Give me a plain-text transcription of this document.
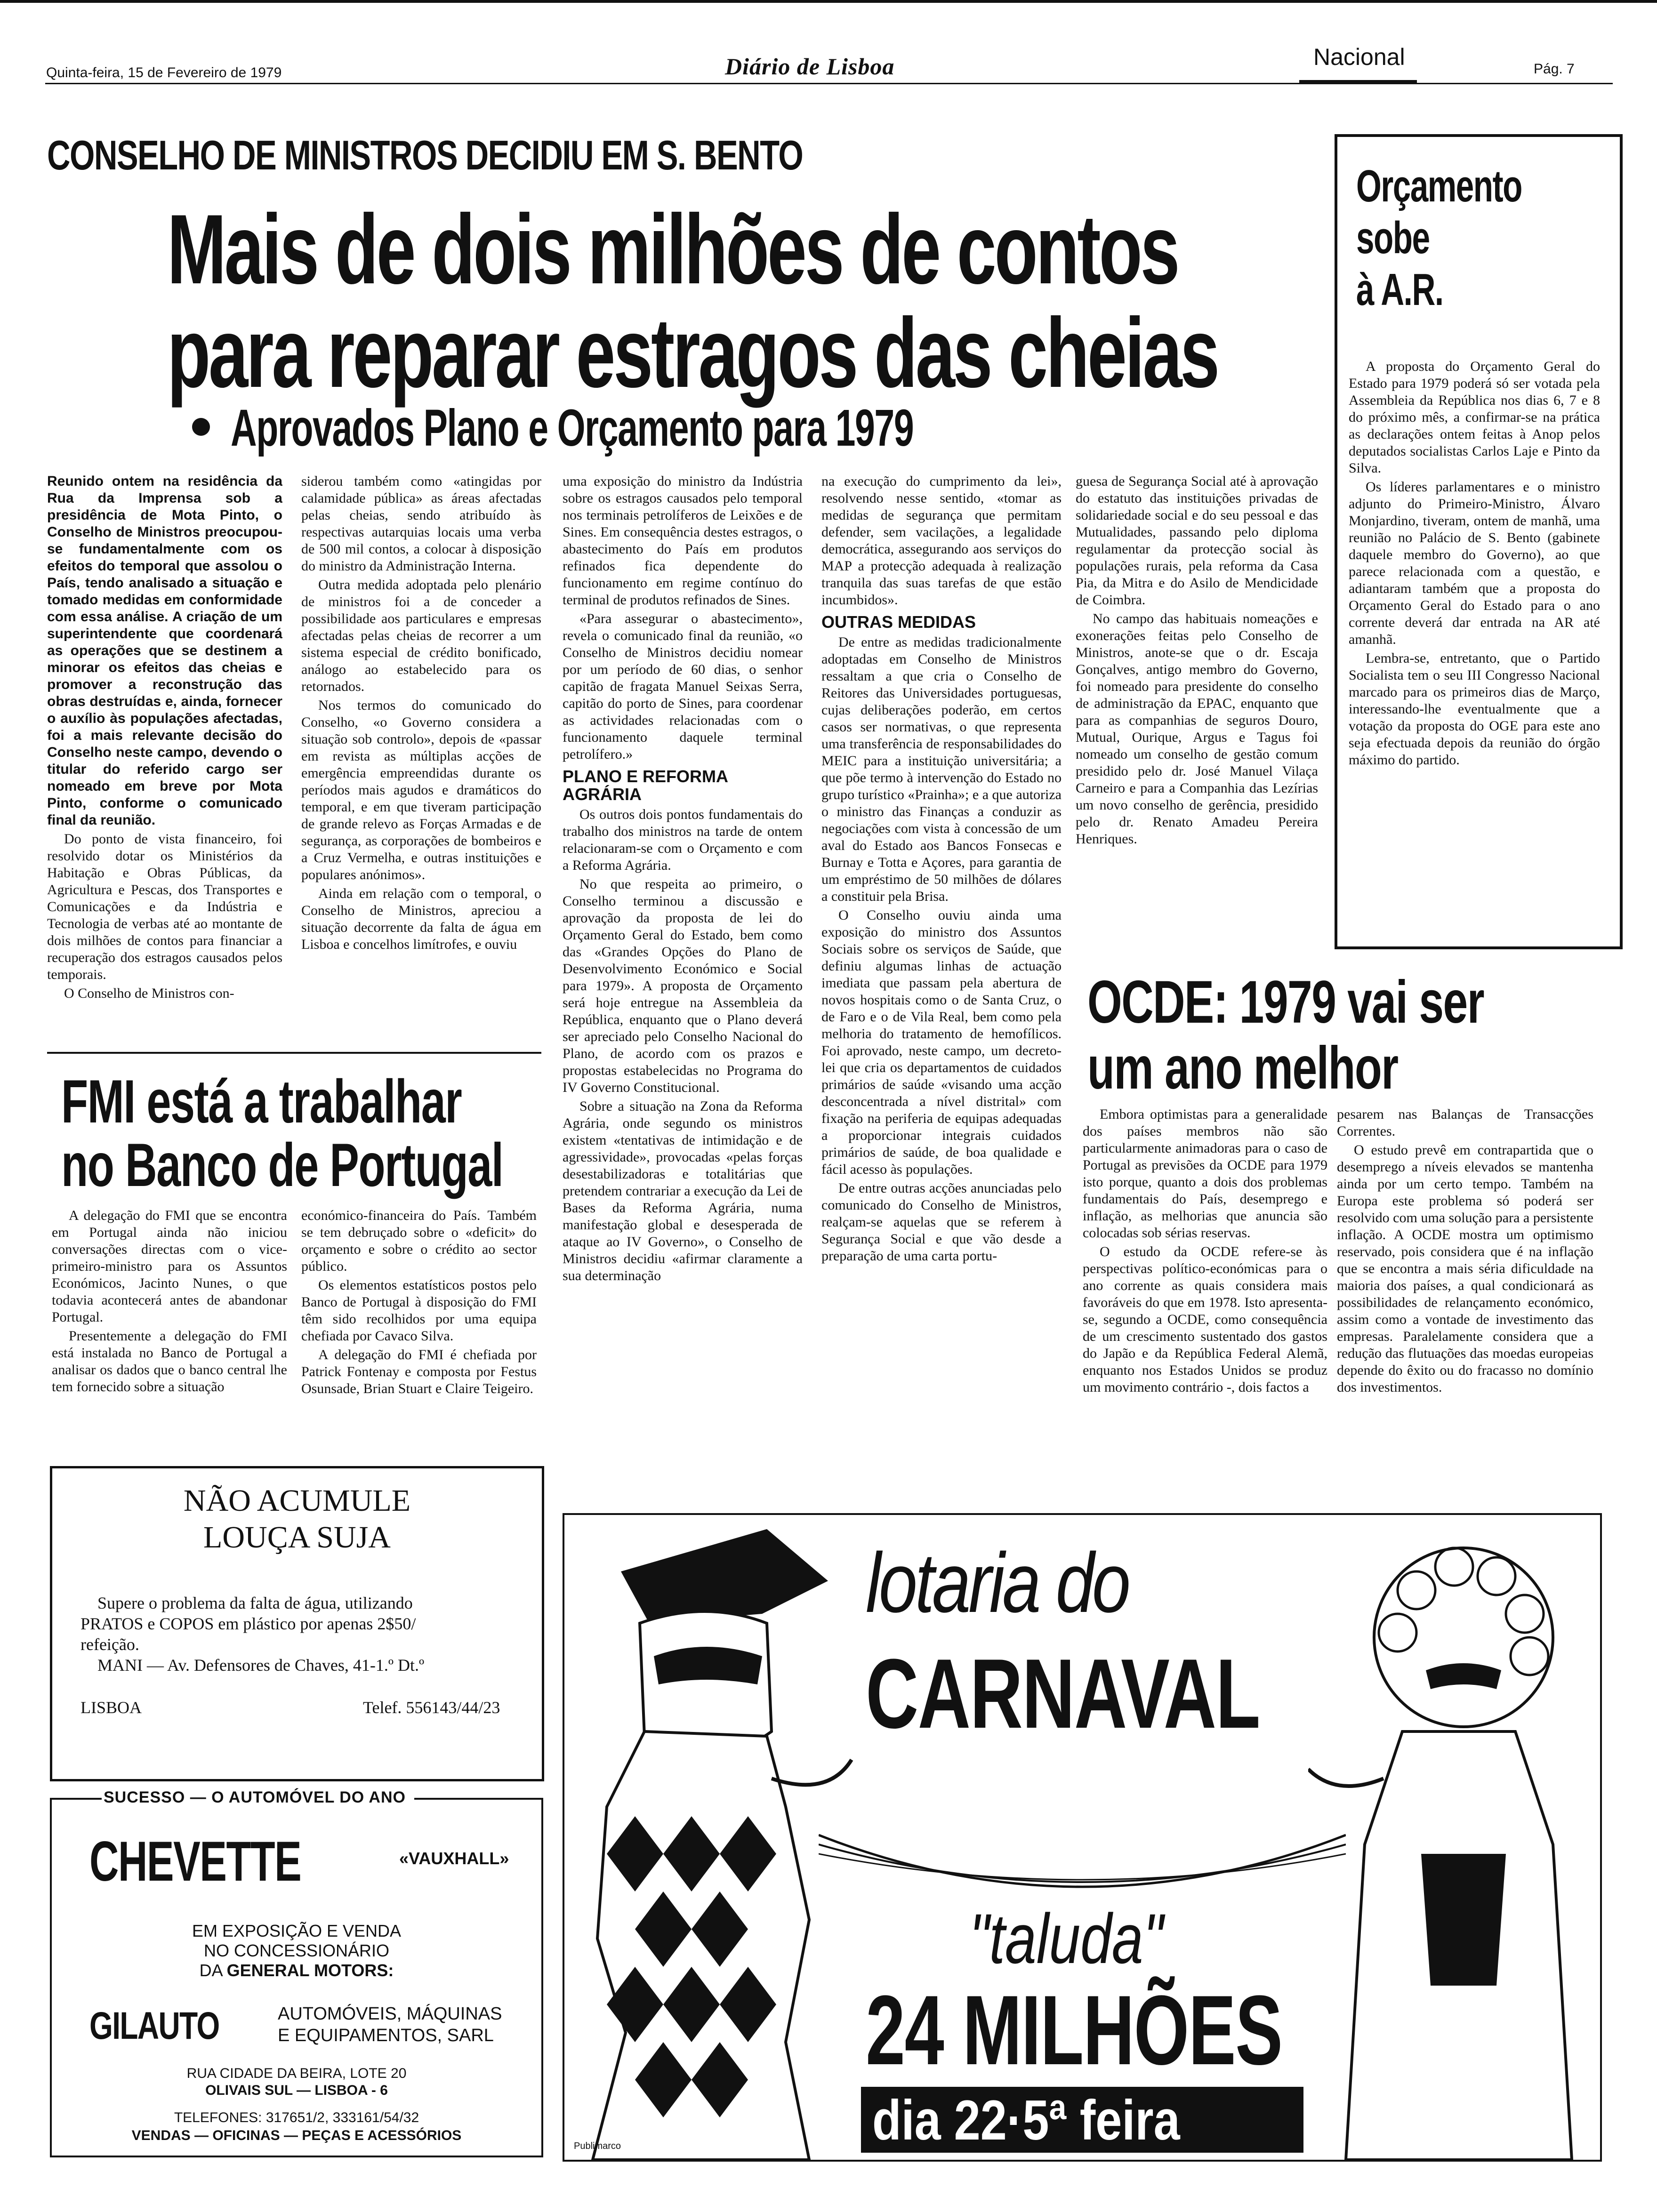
Quinta-feira, 15 de Fevereiro de 1979	Diário de Lisboa	Nacional	Pág. 7
CONSELHO DE MINISTROS DECIDIU EM S. BENTO
Mais de dois milhões de contos
para reparar estragos das cheias
Aprovados Plano e Orçamento para 1979

Reunido ontem na residência da Rua da Imprensa sob a presidência de Mota Pinto, o Conselho de Ministros preocupou-se fundamentalmente com os efeitos do temporal que assolou o País, tendo analisado a situação e tomado medidas em conformidade com essa análise. A criação de um superintendente que coordenará as operações que se destinem a minorar os efeitos das cheias e promover a reconstrução das obras destruídas e, ainda, fornecer o auxílio às populações afectadas, foi a mais relevante decisão do Conselho neste campo, devendo o titular do referido cargo ser nomeado em breve por Mota Pinto, conforme o comunicado final da reunião.

Do ponto de vista financeiro, foi resolvido dotar os Ministérios da Habitação e Obras Públicas, da Agricultura e Pescas, dos Transportes e Comunicações e da Indústria e Tecnologia de verbas até ao montante de dois milhões de contos para financiar a recuperação dos estragos causados pelos temporais.

O Conselho de Ministros con-

siderou também como «atingidas por calamidade pública» as áreas afectadas pelas cheias, sendo atribuído às respectivas autarquias locais uma verba de 500 mil contos, a colocar à disposição do ministro da Administração Interna.

Outra medida adoptada pelo plenário de ministros foi a de conceder a possibilidade aos particulares e empresas afectadas pelas cheias de recorrer a um sistema especial de crédito bonificado, análogo ao estabelecido para os retornados.

Nos termos do comunicado do Conselho, «o Governo considera a situação sob controlo», depois de «passar em revista as múltiplas acções de emergência empreendidas durante os períodos mais agudos e dramáticos do temporal, e em que tiveram participação de grande relevo as Forças Armadas e de segurança, as corporações de bombeiros e a Cruz Vermelha, e outras instituições e populares anónimos».

Ainda em relação com o temporal, o Conselho de Ministros, apreciou a situação decorrente da falta de água em Lisboa e concelhos limítrofes, e ouviu

uma exposição do ministro da Indústria sobre os estragos causados pelo temporal nos terminais petrolíferos de Leixões e de Sines. Em consequência destes estragos, o abastecimento do País em produtos refinados fica dependente do funcionamento em regime contínuo do terminal de produtos refinados de Sines.

«Para assegurar o abastecimento», revela o comunicado final da reunião, «o Conselho de Ministros decidiu nomear por um período de 60 dias, o senhor capitão de fragata Manuel Seixas Serra, capitão do porto de Sines, para coordenar as actividades relacionadas com o funcionamento daquele terminal petrolífero.»

PLANO E REFORMA AGRÁRIA

Os outros dois pontos fundamentais do trabalho dos ministros na tarde de ontem relacionaram-se com o Orçamento e com a Reforma Agrária.

No que respeita ao primeiro, o Conselho terminou a discussão e aprovação da proposta de lei do Orçamento Geral do Estado, bem como das «Grandes Opções do Plano de Desenvolvimento Económico e Social para 1979». A proposta de Orçamento será hoje entregue na Assembleia da República, enquanto que o Plano deverá ser apreciado pelo Conselho Nacional do Plano, de acordo com os prazos e propostas estabelecidas no Programa do IV Governo Constitucional.

Sobre a situação na Zona da Reforma Agrária, onde segundo os ministros existem «tentativas de intimidação e de agressividade», provocadas «pelas forças desestabilizadoras e totalitárias que pretendem contrariar a execução da Lei de Bases da Reforma Agrária, numa manifestação global e desesperada de ataque ao IV Governo», o Conselho de Ministros decidiu «afirmar claramente a sua determinação

na execução do cumprimento da lei», resolvendo nesse sentido, «tomar as medidas de segurança que permitam defender, sem vacilações, a legalidade democrática, assegurando aos serviços do MAP a protecção adequada à realização tranquila das suas tarefas de que estão incumbidos».

OUTRAS MEDIDAS

De entre as medidas tradicionalmente adoptadas em Conselho de Ministros ressaltam a que cria o Conselho de Reitores das Universidades portuguesas, cujas deliberações poderão, em certos casos ser normativas, o que representa uma transferência de responsabilidades do MEIC para a instituição universitária; a que põe termo à intervenção do Estado no grupo turístico «Prainha»; e a que autoriza o ministro das Finanças a conduzir as negociações com vista à concessão de um aval do Estado aos Bancos Fonsecas e Burnay e Totta e Açores, para garantia de um empréstimo de 50 milhões de dólares a constituir pela Brisa.

O Conselho ouviu ainda uma exposição do ministro dos Assuntos Sociais sobre os serviços de Saúde, que definiu algumas linhas de actuação imediata que passam pela abertura de novos hospitais como o de Santa Cruz, o de Faro e o de Vila Real, bem como pela melhoria do tratamento de hemofílicos. Foi aprovado, neste campo, um decreto-lei que cria os departamentos de cuidados primários de saúde «visando uma acção desconcentrada a nível distrital» com fixação na periferia de equipas adequadas a proporcionar integrais cuidados primários de saúde, de boa qualidade e fácil acesso às populações.

De entre outras acções anunciadas pelo comunicado do Conselho de Ministros, realçam-se aquelas que se referem à Segurança Social e que vão desde a preparação de uma carta portu-

guesa de Segurança Social até à aprovação do estatuto das instituições privadas de solidariedade social e do seu pessoal e das Mutualidades, passando pelo diploma regulamentar da protecção social às populações rurais, pela reforma da Casa Pia, da Mitra e do Asilo de Mendicidade de Coimbra.

No campo das habituais nomeações e exonerações feitas pelo Conselho de Ministros, anote-se que o dr. Escaja Gonçalves, antigo membro do Governo, foi nomeado para presidente do conselho de administração da EPAC, enquanto que para as companhias de seguros Douro, Mutual, Ourique, Argus e Tagus foi nomeado um conselho de gestão comum presidido pelo dr. José Manuel Vilaça Carneiro e para a Companhia das Lezírias um novo conselho de gerência, presidido pelo dr. Renato Amadeu Pereira Henriques.

Orçamento
sobe
à A.R.

A proposta do Orçamento Geral do Estado para 1979 poderá só ser votada pela Assembleia da República nos dias 6, 7 e 8 do próximo mês, a confirmar-se na prática as declarações ontem feitas à Anop pelos deputados socialistas Carlos Laje e Pinto da Silva.

Os líderes parlamentares e o ministro adjunto do Primeiro-Ministro, Álvaro Monjardino, tiveram, ontem de manhã, uma reunião no Palácio de S. Bento (gabinete daquele membro do Governo), ao que parece relacionada com a questão, e adiantaram também que a proposta do Orçamento Geral do Estado para o ano corrente deverá dar entrada na AR até amanhã.

Lembra-se, entretanto, que o Partido Socialista tem o seu III Congresso Nacional marcado para os primeiros dias de Março, interessando-lhe eventualmente que a votação da proposta do OGE para este ano seja efectuada depois da reunião do órgão máximo do partido.

FMI está a trabalhar
no Banco de Portugal

A delegação do FMI que se encontra em Portugal ainda não iniciou conversações directas com o vice-primeiro-ministro para os Assuntos Económicos, Jacinto Nunes, o que todavia acontecerá antes de abandonar Portugal.

Presentemente a delegação do FMI está instalada no Banco de Portugal a analisar os dados que o banco central lhe tem fornecido sobre a situação

económico-financeira do País. Também se tem debruçado sobre o «deficit» do orçamento e sobre o crédito ao sector público.

Os elementos estatísticos postos pelo Banco de Portugal à disposição do FMI têm sido recolhidos por uma equipa chefiada por Cavaco Silva.

A delegação do FMI é chefiada por Patrick Fontenay e composta por Festus Osunsade, Brian Stuart e Claire Teigeiro.

OCDE: 1979 vai ser
um ano melhor

Embora optimistas para a generalidade dos países membros não são particularmente animadoras para o caso de Portugal as previsões da OCDE para 1979 isto porque, quanto a dois dos problemas fundamentais do País, desemprego e inflação, as melhorias que anuncia são colocadas sob sérias reservas.

O estudo da OCDE refere-se às perspectivas político-económicas para o ano corrente as quais considera mais favoráveis do que em 1978. Isto apresenta-se, segundo a OCDE, como consequência de um crescimento sustentado dos gastos do Japão e da República Federal Alemã, enquanto nos Estados Unidos se produz um movimento contrário -, dois factos a

pesarem nas Balanças de Transacções Correntes.

O estudo prevê em contrapartida que o desemprego a níveis elevados se mantenha ainda por um certo tempo. Também na Europa este problema só poderá ser resolvido com uma solução para a persistente inflação. A OCDE mostra um optimismo reservado, pois considera que é na inflação que se encontra a mais séria dificuldade na maioria dos países, a qual condicionará as possibilidades de relançamento económico, assim como a vontade de investimento das empresas. Paralelamente considera que a redução das flutuações das moedas europeias depende do êxito ou do fracasso no domínio dos investimentos.

NÃO ACUMULE
LOUÇA SUJA
Supere o problema da falta de água, utilizando
PRATOS e COPOS em plástico por apenas 2$50/
refeição.
MANI — Av. Defensores de Chaves, 41-1.º Dt.º
LISBOA	Telef. 556143/44/23
SUCESSO — O AUTOMÓVEL DO ANO
CHEVETTE	«VAUXHALL»
EM EXPOSIÇÃO E VENDA
NO CONCESSIONÁRIO
DA GENERAL MOTORS:
GILAUTO	AUTOMÓVEIS, MÁQUINAS
E EQUIPAMENTOS, SARL
RUA CIDADE DA BEIRA, LOTE 20
OLIVAIS SUL — LISBOA - 6
TELEFONES: 317651/2, 333161/54/32
VENDAS — OFICINAS — PEÇAS E ACESSÓRIOS
lotaria do
CARNAVAL
"taluda"
24 MILHÕES
dia 22·5ª feira
Publimarco
